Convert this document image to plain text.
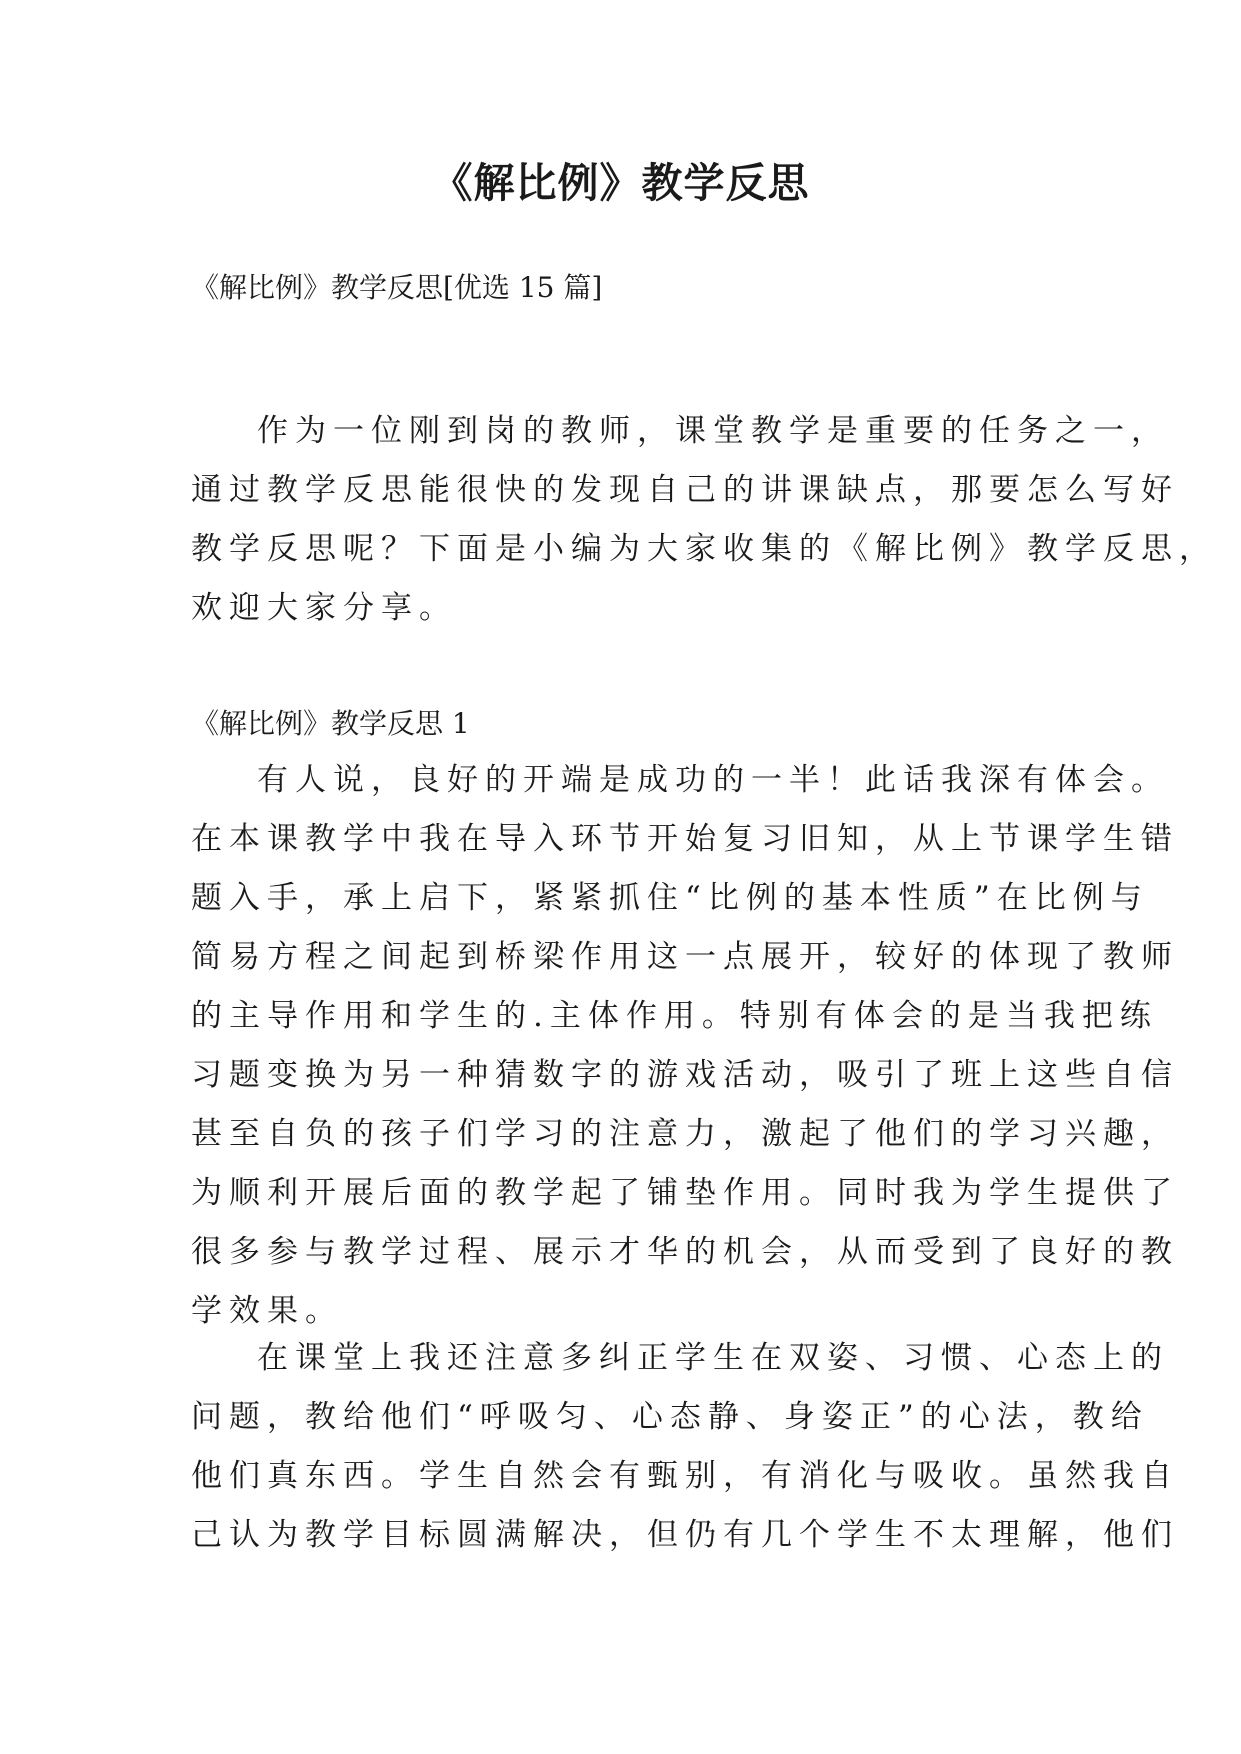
《解比例》教学反思

《解比例》教学反思[优选 15 篇]

作为一位刚到岗的教师，课堂教学是重要的任务之一，
通过教学反思能很快的发现自己的讲课缺点，那要怎么写好
教学反思呢？下面是小编为大家收集的《解比例》教学反思，
欢迎大家分享。

《解比例》教学反思 1

有人说，良好的开端是成功的一半！此话我深有体会。
在本课教学中我在导入环节开始复习旧知，从上节课学生错
题入手，承上启下，紧紧抓住“比例的基本性质”在比例与
简易方程之间起到桥梁作用这一点展开，较好的体现了教师
的主导作用和学生的.主体作用。特别有体会的是当我把练
习题变换为另一种猜数字的游戏活动，吸引了班上这些自信
甚至自负的孩子们学习的注意力，激起了他们的学习兴趣，
为顺利开展后面的教学起了铺垫作用。同时我为学生提供了
很多参与教学过程、展示才华的机会，从而受到了良好的教
学效果。
在课堂上我还注意多纠正学生在双姿、习惯、心态上的
问题，教给他们“呼吸匀、心态静、身姿正”的心法，教给
他们真东西。学生自然会有甄别，有消化与吸收。虽然我自
己认为教学目标圆满解决，但仍有几个学生不太理解，他们
